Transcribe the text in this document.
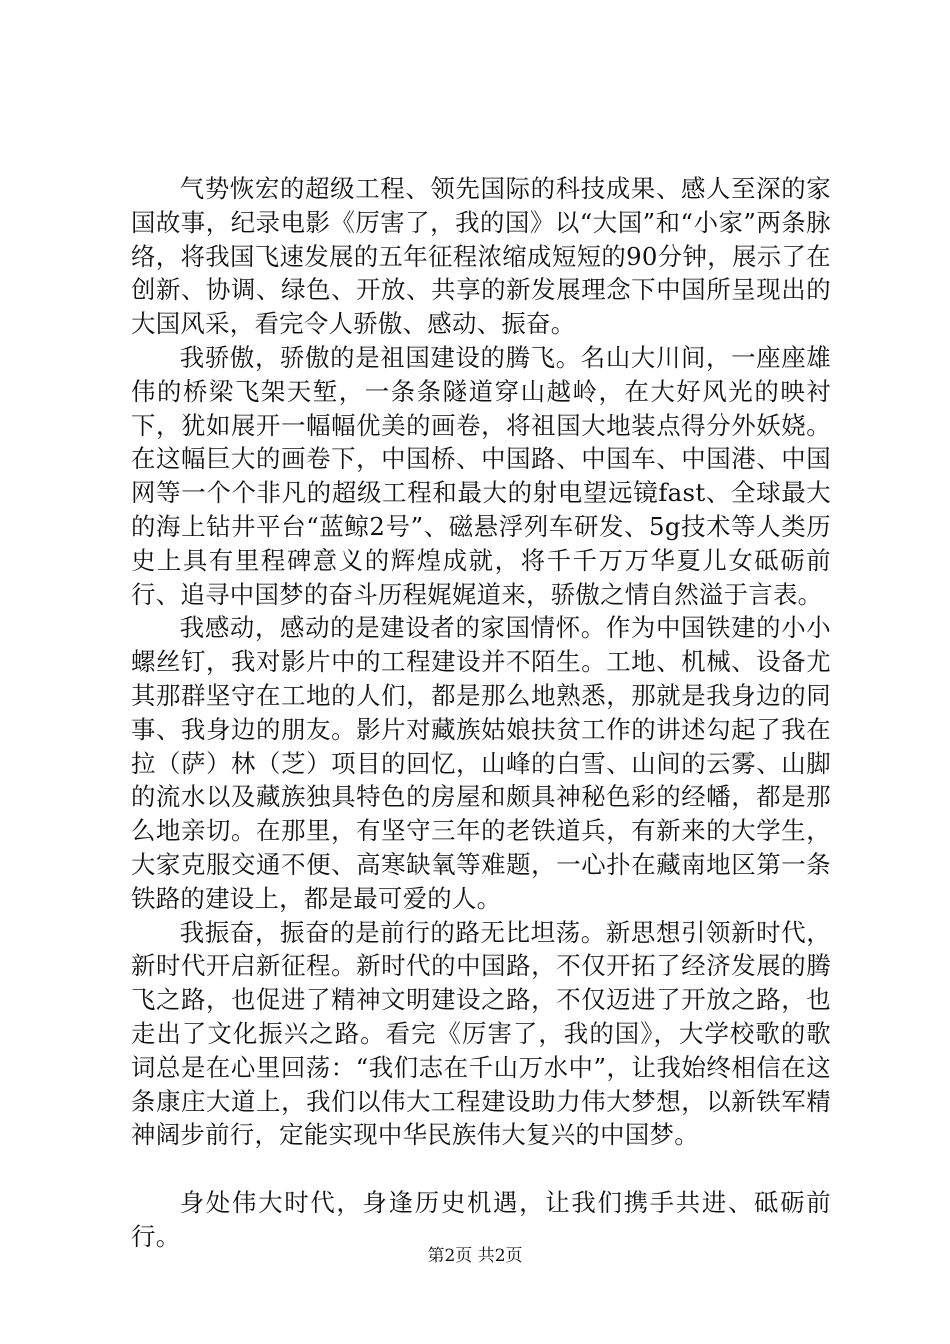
气势恢宏的超级工程、领先国际的科技成果、感人至深的家国故事，纪录电影《厉害了，我的国》以“大国”和“小家”两条脉络，将我国飞速发展的五年征程浓缩成短短的90分钟，展示了在创新、协调、绿色、开放、共享的新发展理念下中国所呈现出的大国风采，看完令人骄傲、感动、振奋。

我骄傲，骄傲的是祖国建设的腾飞。名山大川间，一座座雄伟的桥梁飞架天堑，一条条隧道穿山越岭，在大好风光的映衬下，犹如展开一幅幅优美的画卷，将祖国大地装点得分外妖娆。在这幅巨大的画卷下，中国桥、中国路、中国车、中国港、中国网等一个个非凡的超级工程和最大的射电望远镜fast、全球最大的海上钻井平台“蓝鲸2号”、磁悬浮列车研发、5g技术等人类历史上具有里程碑意义的辉煌成就，将千千万万华夏儿女砥砺前行、追寻中国梦的奋斗历程娓娓道来，骄傲之情自然溢于言表。

我感动，感动的是建设者的家国情怀。作为中国铁建的小小螺丝钉，我对影片中的工程建设并不陌生。工地、机械、设备尤其那群坚守在工地的人们，都是那么地熟悉，那就是我身边的同事、我身边的朋友。影片对藏族姑娘扶贫工作的讲述勾起了我在拉（萨）林（芝）项目的回忆，山峰的白雪、山间的云雾、山脚的流水以及藏族独具特色的房屋和颇具神秘色彩的经幡，都是那么地亲切。在那里，有坚守三年的老铁道兵，有新来的大学生，大家克服交通不便、高寒缺氧等难题，一心扑在藏南地区第一条铁路的建设上，都是最可爱的人。

我振奋，振奋的是前行的路无比坦荡。新思想引领新时代，新时代开启新征程。新时代的中国路，不仅开拓了经济发展的腾飞之路，也促进了精神文明建设之路，不仅迈进了开放之路，也走出了文化振兴之路。看完《厉害了，我的国》，大学校歌的歌词总是在心里回荡：“我们志在千山万水中”，让我始终相信在这条康庄大道上，我们以伟大工程建设助力伟大梦想，以新铁军精神阔步前行，定能实现中华民族伟大复兴的中国梦。

身处伟大时代，身逢历史机遇，让我们携手共进、砥砺前行。

第2页 共2页
